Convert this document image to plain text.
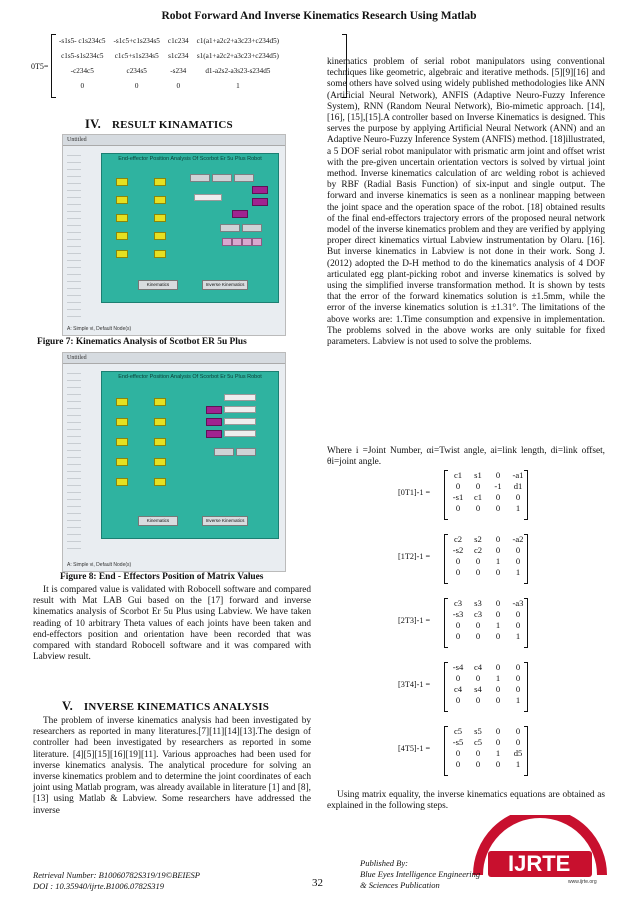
Robot Forward And Inverse Kinematics Research Using Matlab
0T5=
-s1s5- c1s234c5	-s1c5+c1s234s5	c1c234	c1(a1+a2c2+a3c23+c234d5)
c1s5-s1s234c5	c1c5+s1s234s5	s1c234	s1(a1+a2c2+a3c23+c234d5)
-c234c5	c234s5	-s234	d1-a2s2-a3s23-s234d5
0	0	0	1
IV. RESULT KINAMATICS
Untitled
End-effector Position Analysis Of Scorbot Er 5u Plus Robot
Kinematics	Inverse Kinematics
A: Simple vi, Default Node(s)
Figure 7: Kinematics Analysis of Scotbot ER 5u Plus
Untitled
End-effector Position Analysis Of Scorbot Er 5u Plus Robot
Kinematics	Inverse Kinematics
A: Simple vi, Default Node(s)
Figure 8: End - Effectors Position of Matrix Values
It is compared value is validated with Robocell software and compared result with Mat LAB Gui based on the [17] forward and inverse kinematics analysis of Scorbot Er 5u Plus using Labview. We have taken reading of 10 arbitrary Theta values of each joints have been taken and end-effectors position and orientation have been recorded that was compared with standard Robocell software and it was compared with Labview result.
V. INVERSE KINEMATICS ANALYSIS
The problem of inverse kinematics analysis had been investigated by researchers as reported in many literatures.[7][11][14][13].The design of controller had been investigated by researchers as reported in some literature. [4][5][15][16][19][11]. Various approaches had been used for inverse kinematics analysis. The analytical procedure for solving an inverse kinematics problem and to determine the joint coordinates of each joint using Matlab program, was already available in literature [1] and [8], [13] using Matlab & Labview. Some researchers have addressed the inverse
kinematics problem of serial robot manipulators using conventional techniques like geometric, algebraic and iterative methods. [5][9][16] and some others have solved using widely published methodologies like ANN (Artificial Neural Network), ANFIS (Adaptive Neuro-Fuzzy Inference System), RNN (Random Neural Network), Bio-mimetic approach. [14], [16], [15],[15].A controller based on Inverse Kinematics is designed. This serves the purpose by applying Artificial Neural Network (ANN) and an Adaptive Neuro-Fuzzy Inference System (ANFIS) method. [18]illustrated, a 5 DOF serial robot manipulator with prismatic arm joint and offset wrist with the pre-given uncertain orientation vectors is solved by virtual joint method. Inverse kinematics calculation of arc welding robot is achieved by RBF (Radial Basis Function) of six-input and single output. The forward and inverse kinematics is seen as a nonlinear mapping between the joint space and the operation space of the robot. [18] obtained results of the final end-effectors trajectory errors of the proposed neural network model of the inverse kinematics problem and they are verified by applying proper direct kinematics virtual Labview instrumentation by Olaru. [16]. But inverse kinematics in Labview is not done in their work. Song J. (2012) adopted the D-H method to do the kinematics analysis of 4 DOF articulated egg plant-picking robot and inverse kinematics is solved by using the simplified inverse transformation method. It is shown by tests that the error of the forward kinematics solution is ±1.5mm, while the error of the inverse kinematics solution is ±1.31°. The limitations of the above works are: 1.Time consumption and expensive in implementation. The problems solved in the above works are only suitable for fixed parameters. Labview is not used to solve the problems.
Where i =Joint Number, αi=Twist angle, ai=link length, di=link offset, θi=joint angle.
[0T1]-1 =
c1	s1	0	-a1
0	0	-1	d1
-s1	c1	0	0
0	0	0	1
[1T2]-1 =
c2	s2	0	-a2
-s2	c2	0	0
0	0	1	0
0	0	0	1
[2T3]-1 =
c3	s3	0	-a3
-s3	c3	0	0
0	0	1	0
0	0	0	1
[3T4]-1 =
-s4	c4	0	0
0	0	1	0
c4	s4	0	0
0	0	0	1
[4T5]-1 =
c5	s5	0	0
-s5	c5	0	0
0	0	1	d5
0	0	0	1
Using matrix equality, the inverse kinematics equations are obtained as explained in the following steps.
IJRTE
www.ijrte.org
Retrieval Number: B10060782S319/19©BEIESP
DOI : 10.35940/ijrte.B1006.0782S319	32
Published By:
Blue Eyes Intelligence Engineering
& Sciences Publication
